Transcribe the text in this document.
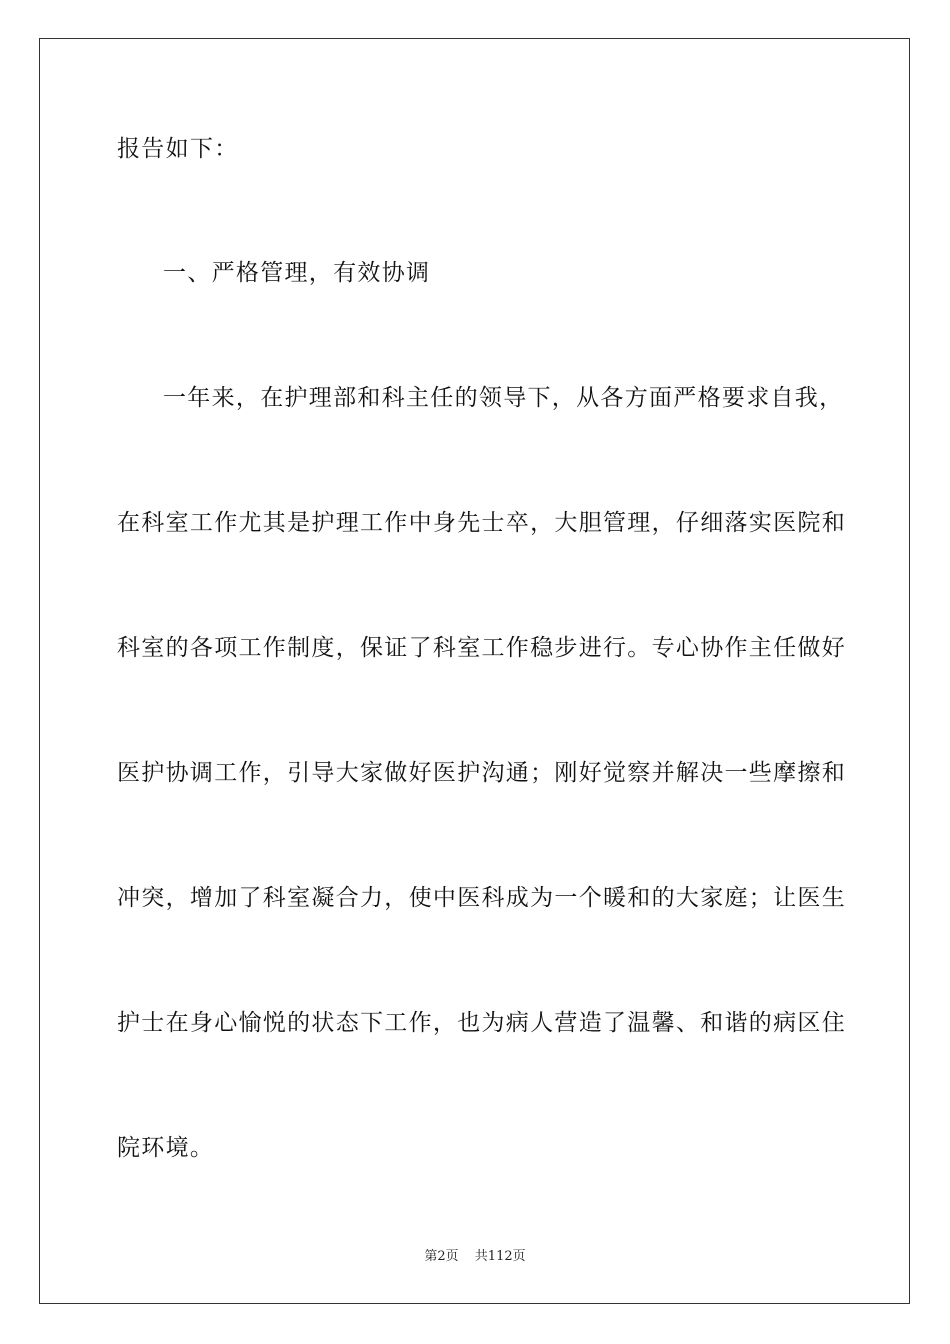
报告如下：
一、严格管理，有效协调
一年来，在护理部和科主任的领导下，从各方面严格要求自我，
在科室工作尤其是护理工作中身先士卒，大胆管理，仔细落实医院和
科室的各项工作制度，保证了科室工作稳步进行。专心协作主任做好
医护协调工作，引导大家做好医护沟通；刚好觉察并解决一些摩擦和
冲突，增加了科室凝合力，使中医科成为一个暖和的大家庭；让医生
护士在身心愉悦的状态下工作，也为病人营造了温馨、和谐的病区住
院环境。
第2页 共112页
